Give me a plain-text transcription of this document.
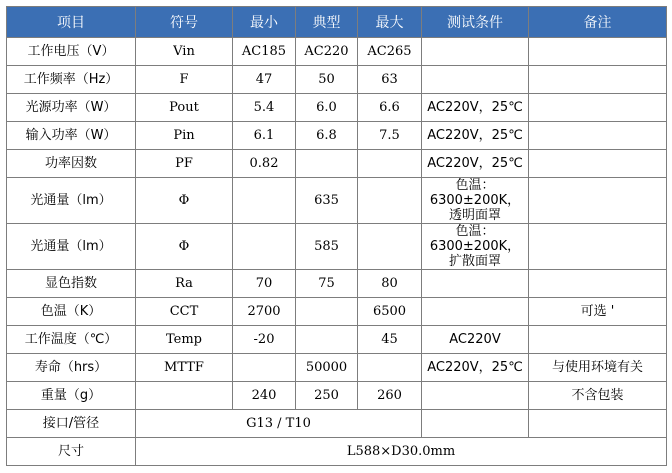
项目	符号	最小	典型	最大	测试条件	备注
工作电压（V）	Vin	AC185	AC220	AC265		
工作频率（Hz）	F	47	50	63		
光源功率（W）	Pout	5.4	6.0	6.6	AC220V，25℃	
输入功率（W）	Pin	6.1	6.8	7.5	AC220V，25℃	
功率因数	PF	0.82			AC220V，25℃	
光通量（lm）	Φ		635		色温：6300±200K，
透明面罩	

光通量（lm）	Φ		585		色温：6300±200K，
扩散面罩	

显色指数	Ra	70	75	80		
色温（K）	CCT	2700		6500		可选 '
工作温度（℃）	Temp	-20		45	AC220V	
寿命（hrs）	MTTF		50000		AC220V，25℃	与使用环境有关
重量（g）		240	250	260		不含包装
接口/管径	G13 / T10					
尺寸	L588×D30.0mm					
